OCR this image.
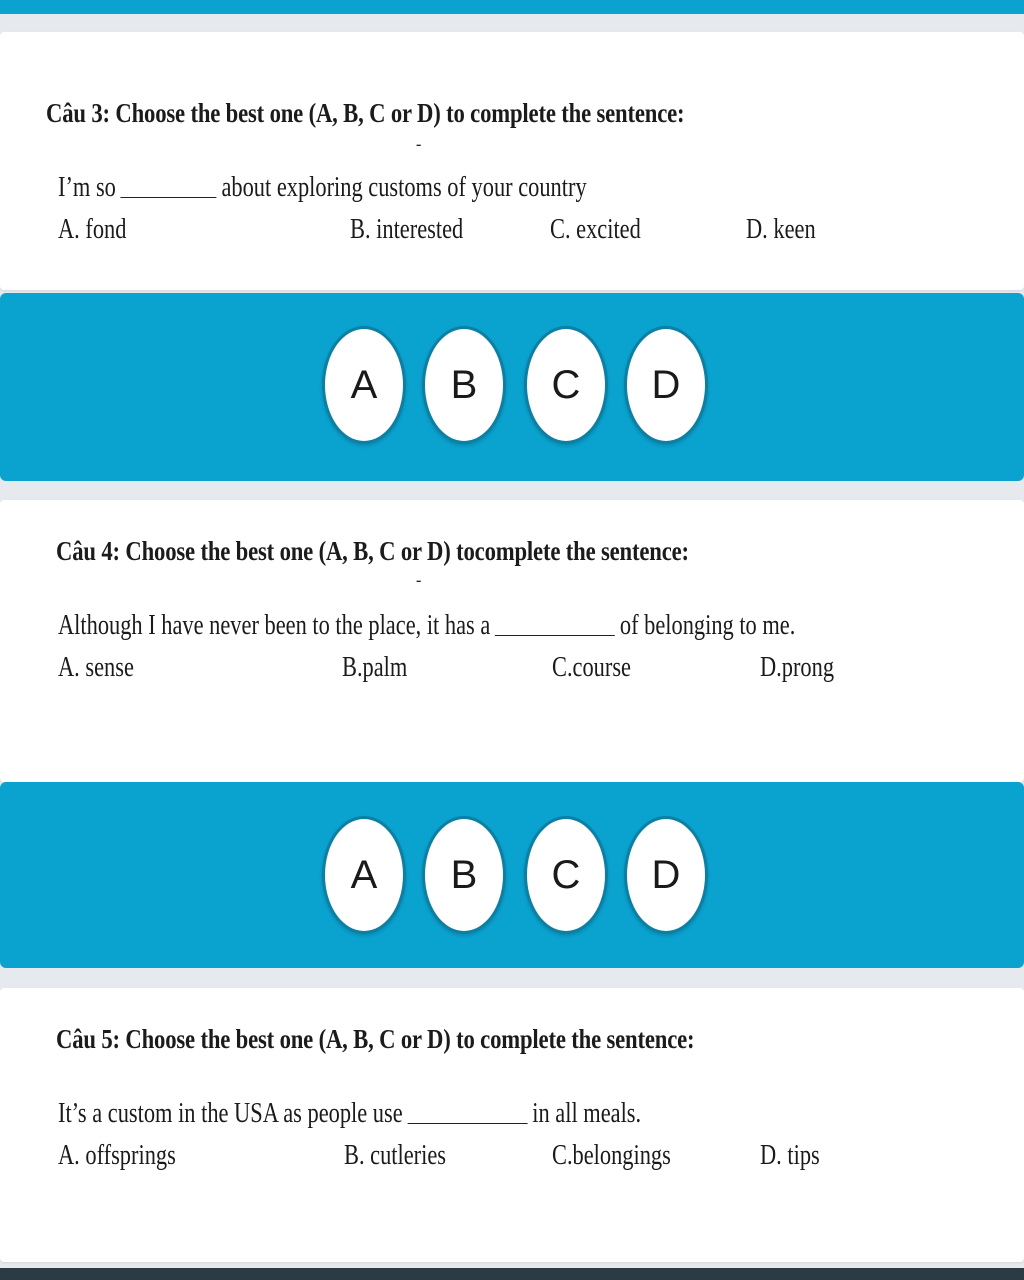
Câu 3: Choose the best one (A, B, C or D) to complete the sentence:
-
I’m so	about exploring customs of your country
A. fond	B. interested	C. excited	D. keen
A	B	C	D
Câu 4: Choose the best one (A, B, C or D) tocomplete the sentence:
-
Although I have never been to the place, it has a	of belonging to me.
A. sense	B.palm	C.course	D.prong
A	B	C	D
Câu 5: Choose the best one (A, B, C or D) to complete the sentence:
It’s a custom in the USA as people use	in all meals.
A. offsprings	B. cutleries	C.belongings	D. tips
